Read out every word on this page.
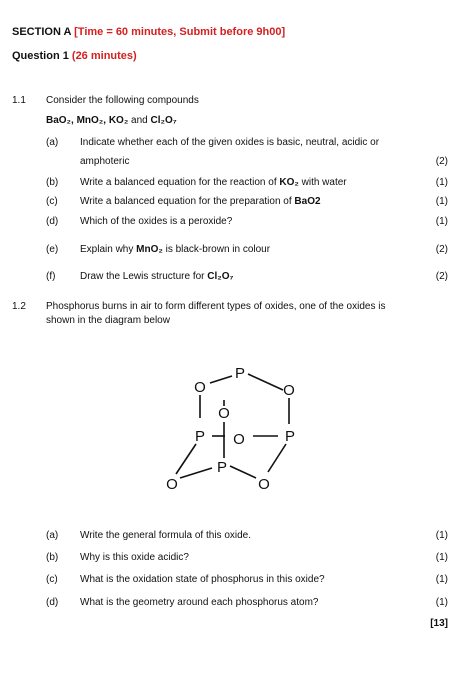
SECTION A [Time = 60 minutes, Submit before 9h00]
Question 1 (26 minutes)
1.1 Consider the following compounds
BaO₂, MnO₂, KO₂ and Cl₂O₇
(a) Indicate whether each of the given oxides is basic, neutral, acidic or
amphoteric	(2)
(b) Write a balanced equation for the reaction of KO₂ with water	(1)
(c) Write a balanced equation for the preparation of BaO2	(1)
(d) Which of the oxides is a peroxide?	(1)
(e) Explain why MnO₂ is black-brown in colour	(2)
(f) Draw the Lewis structure for Cl₂O₇	(2)
1.2 Phosphorus burns in air to form different types of oxides, one of the oxides is
shown in the diagram below
P
O	O
O
P O	P
P
O	O
(a) Write the general formula of this oxide.	(1)
(b) Why is this oxide acidic?	(1)
(c) What is the oxidation state of phosphorus in this oxide?	(1)
(d) What is the geometry around each phosphorus atom?	(1)
[13]
